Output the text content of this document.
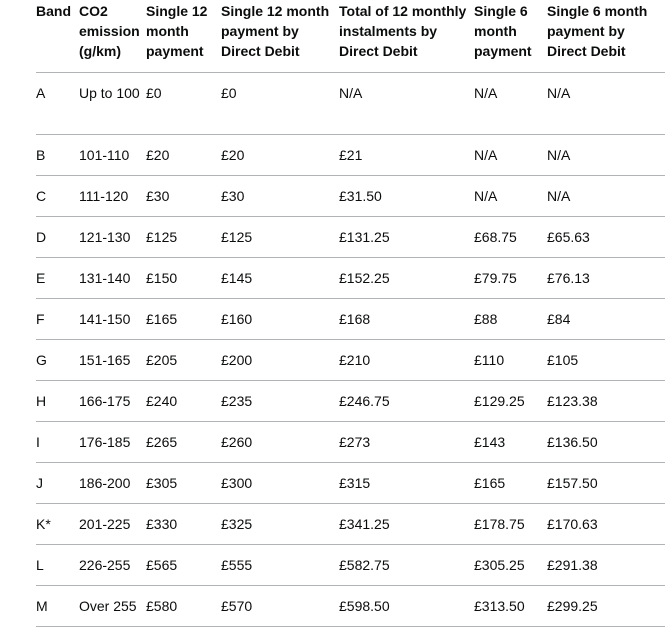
Band	CO2 emission (g/km)	Single 12 month payment	Single 12 month payment by Direct Debit	Total of 12 monthly instalments by Direct Debit	Single 6 month payment	Single 6 month payment by Direct Debit

A	Up to 100	£0	£0	N/A	N/A	N/A

B	101-110	£20	£20	£21	N/A	N/A

C	111-120	£30	£30	£31.50	N/A	N/A

D	121-130	£125	£125	£131.25	£68.75	£65.63

E	131-140	£150	£145	£152.25	£79.75	£76.13

F	141-150	£165	£160	£168	£88	£84

G	151-165	£205	£200	£210	£110	£105

H	166-175	£240	£235	£246.75	£129.25	£123.38

I	176-185	£265	£260	£273	£143	£136.50

J	186-200	£305	£300	£315	£165	£157.50

K*	201-225	£330	£325	£341.25	£178.75	£170.63

L	226-255	£565	£555	£582.75	£305.25	£291.38

M	Over 255	£580	£570	£598.50	£313.50	£299.25
